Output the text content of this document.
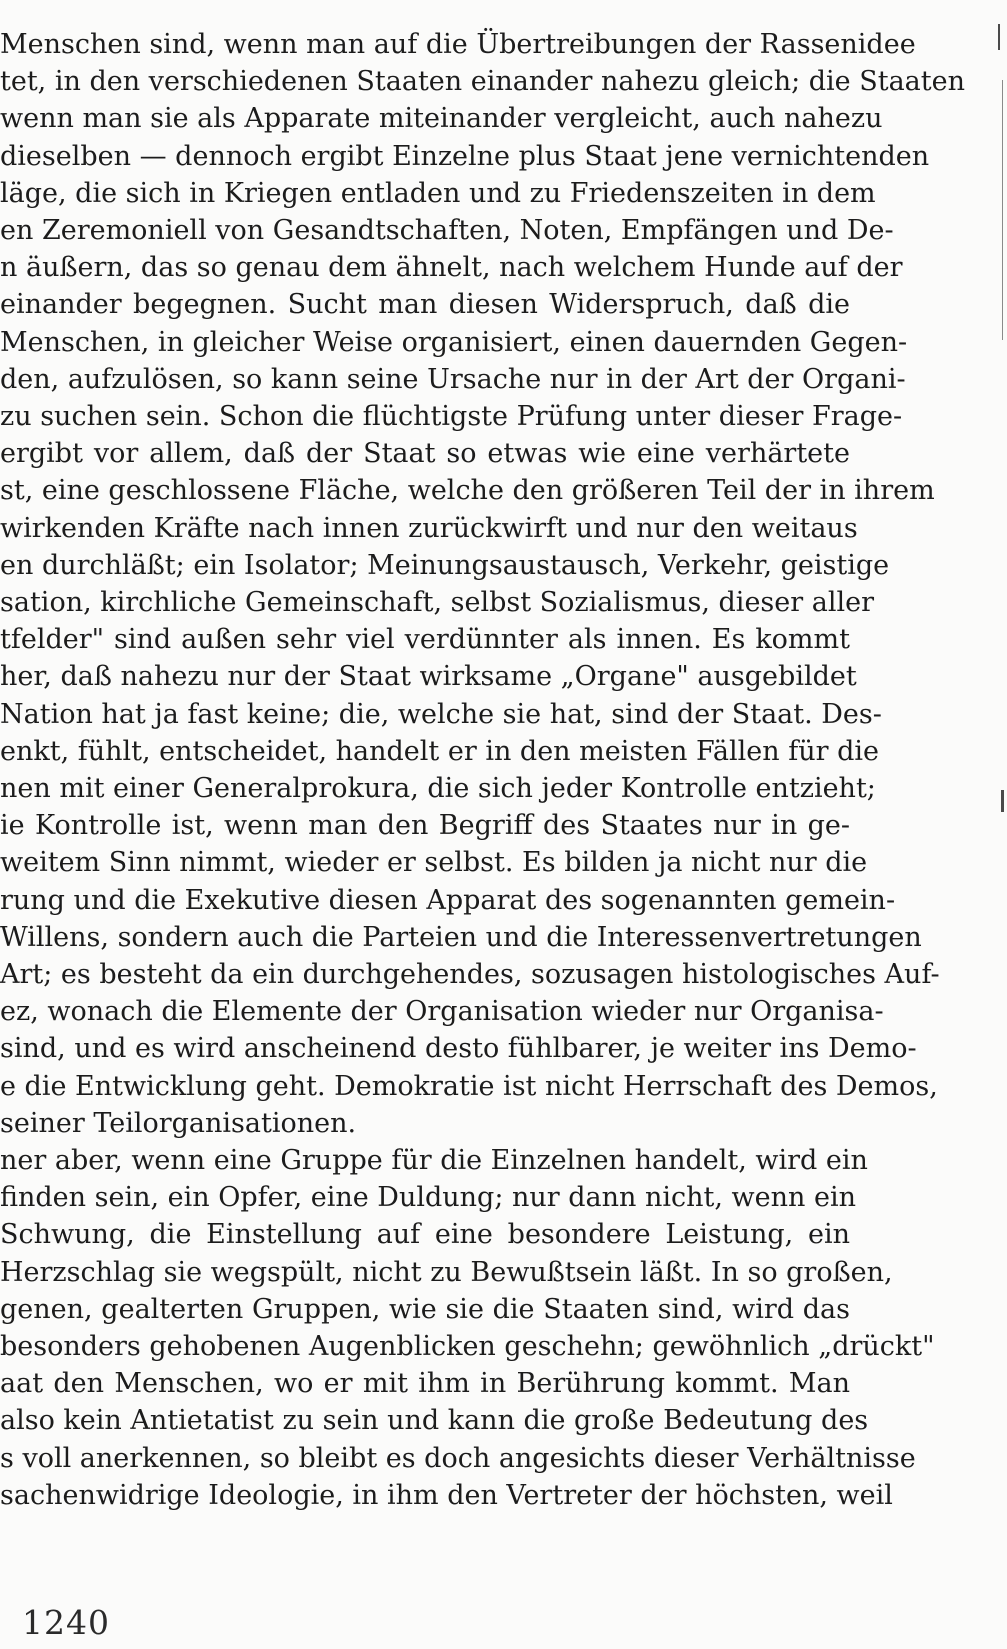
Menschen sind, wenn man auf die Übertreibungen der Rassenidee
tet, in den verschiedenen Staaten einander nahezu gleich; die Staaten
wenn man sie als Apparate miteinander vergleicht, auch nahezu
dieselben — dennoch ergibt Einzelne plus Staat jene vernichtenden
läge, die sich in Kriegen entladen und zu Friedenszeiten in dem
en Zeremoniell von Gesandtschaften, Noten, Empfängen und De-
n äußern, das so genau dem ähnelt, nach welchem Hunde auf der
einander begegnen. Sucht man diesen Widerspruch, daß die
Menschen, in gleicher Weise organisiert, einen dauernden Gegen-
den, aufzulösen, so kann seine Ursache nur in der Art der Organi-
zu suchen sein. Schon die flüchtigste Prüfung unter dieser Frage-
ergibt vor allem, daß der Staat so etwas wie eine verhärtete
st, eine geschlossene Fläche, welche den größeren Teil der in ihrem
wirkenden Kräfte nach innen zurückwirft und nur den weitaus
en durchläßt; ein Isolator; Meinungsaustausch, Verkehr, geistige
sation, kirchliche Gemeinschaft, selbst Sozialismus, dieser aller
tfelder" sind außen sehr viel verdünnter als innen. Es kommt
her, daß nahezu nur der Staat wirksame „Organe" ausgebildet
Nation hat ja fast keine; die, welche sie hat, sind der Staat. Des-
enkt, fühlt, entscheidet, handelt er in den meisten Fällen für die
nen mit einer Generalprokura, die sich jeder Kontrolle entzieht;
ie Kontrolle ist, wenn man den Begriff des Staates nur in ge-
weitem Sinn nimmt, wieder er selbst. Es bilden ja nicht nur die
rung und die Exekutive diesen Apparat des sogenannten gemein-
Willens, sondern auch die Parteien und die Interessenvertretungen
Art; es besteht da ein durchgehendes, sozusagen histologisches Auf-
ez, wonach die Elemente der Organisation wieder nur Organisa-
sind, und es wird anscheinend desto fühlbarer, je weiter ins Demo-
e die Entwicklung geht. Demokratie ist nicht Herrschaft des Demos,
seiner Teilorganisationen.
ner aber, wenn eine Gruppe für die Einzelnen handelt, wird ein
finden sein, ein Opfer, eine Duldung; nur dann nicht, wenn ein
Schwung, die Einstellung auf eine besondere Leistung, ein
Herzschlag sie wegspült, nicht zu Bewußtsein läßt. In so großen,
genen, gealterten Gruppen, wie sie die Staaten sind, wird das
besonders gehobenen Augenblicken geschehn; gewöhnlich „drückt"
aat den Menschen, wo er mit ihm in Berührung kommt. Man
also kein Antietatist zu sein und kann die große Bedeutung des
s voll anerkennen, so bleibt es doch angesichts dieser Verhältnisse
sachenwidrige Ideologie, in ihm den Vertreter der höchsten, weil
1240
